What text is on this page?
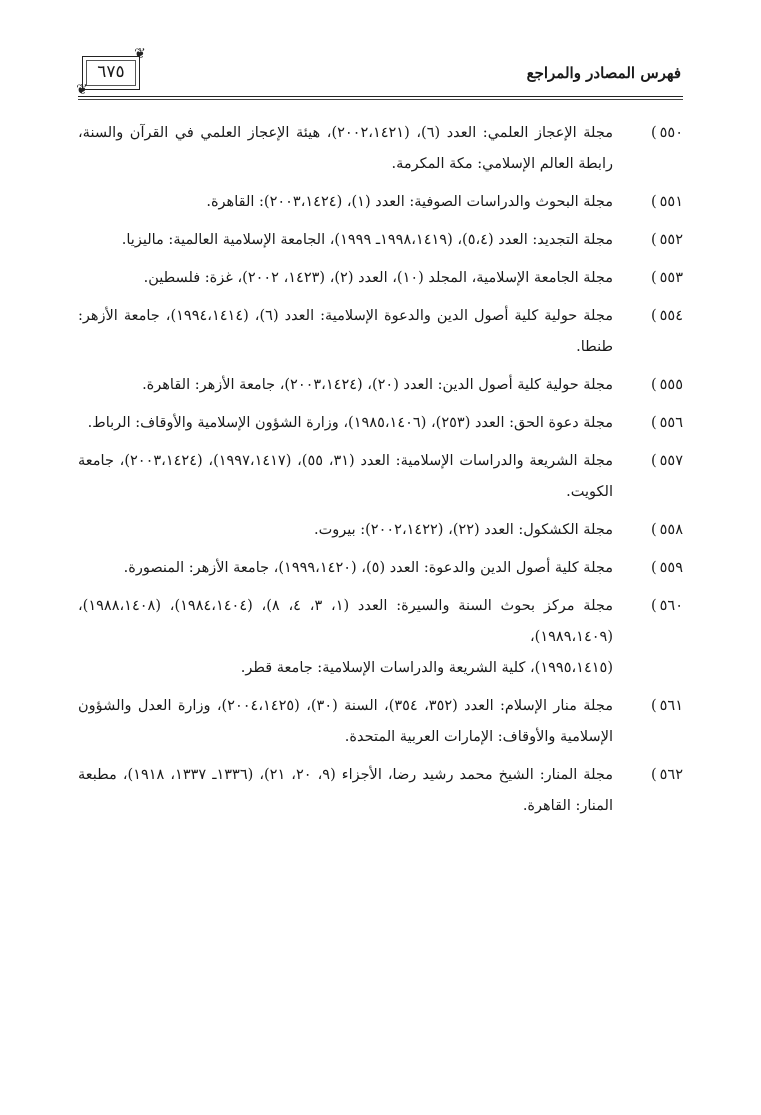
فهرس المصادر والمراجع
٦٧٥
❦
❦
٥٥٠)
مجلة الإعجاز العلمي: العدد (٦)، (٢٠٠٢،١٤٢١)، هيئة الإعجاز العلمي في القرآن والسنة، رابطة العالم الإسلامي: مكة المكرمة.
٥٥١)
مجلة البحوث والدراسات الصوفية: العدد (١)، (٢٠٠٣،١٤٢٤): القاهرة.
٥٥٢)
مجلة التجديد: العدد (٥،٤)، (١٩٩٨،١٤١٩ـ ١٩٩٩)، الجامعة الإسلامية العالمية: ماليزيا.
٥٥٣)
مجلة الجامعة الإسلامية، المجلد (١٠)، العدد (٢)، (١٤٢٣، ٢٠٠٢)، غزة: فلسطين.
٥٥٤)
مجلة حولية كلية أصول الدين والدعوة الإسلامية: العدد (٦)، (١٩٩٤،١٤١٤)، جامعة الأزهر: طنطا.
٥٥٥)
مجلة حولية كلية أصول الدين: العدد (٢٠)، (٢٠٠٣،١٤٢٤)، جامعة الأزهر: القاهرة.
٥٥٦)
مجلة دعوة الحق: العدد (٢٥٣)، (١٩٨٥،١٤٠٦)، وزارة الشؤون الإسلامية والأوقاف: الرباط.
٥٥٧)
مجلة الشريعة والدراسات الإسلامية: العدد (٣١، ٥٥)، (١٩٩٧،١٤١٧)، (٢٠٠٣،١٤٢٤)، جامعة الكويت.
٥٥٨)
مجلة الكشكول: العدد (٢٢)، (٢٠٠٢،١٤٢٢): بيروت.
٥٥٩)
مجلة كلية أصول الدين والدعوة: العدد (٥)، (١٩٩٩،١٤٢٠)، جامعة الأزهر: المنصورة.
٥٦٠)
مجلة مركز بحوث السنة والسيرة: العدد (١، ٣، ٤، ٨)، (١٩٨٤،١٤٠٤)، (١٩٨٨،١٤٠٨)، (١٩٨٩،١٤٠٩)،
(١٩٩٥،١٤١٥)، كلية الشريعة والدراسات الإسلامية: جامعة قطر.
٥٦١)
مجلة منار الإسلام: العدد (٣٥٢، ٣٥٤)، السنة (٣٠)، (٢٠٠٤،١٤٢٥)، وزارة العدل والشؤون الإسلامية والأوقاف: الإمارات العربية المتحدة.
٥٦٢)
مجلة المنار: الشيخ محمد رشيد رضا، الأجزاء (٩، ٢٠، ٢١)، (١٣٣٦ـ ١٣٣٧، ١٩١٨)، مطبعة المنار: القاهرة.
